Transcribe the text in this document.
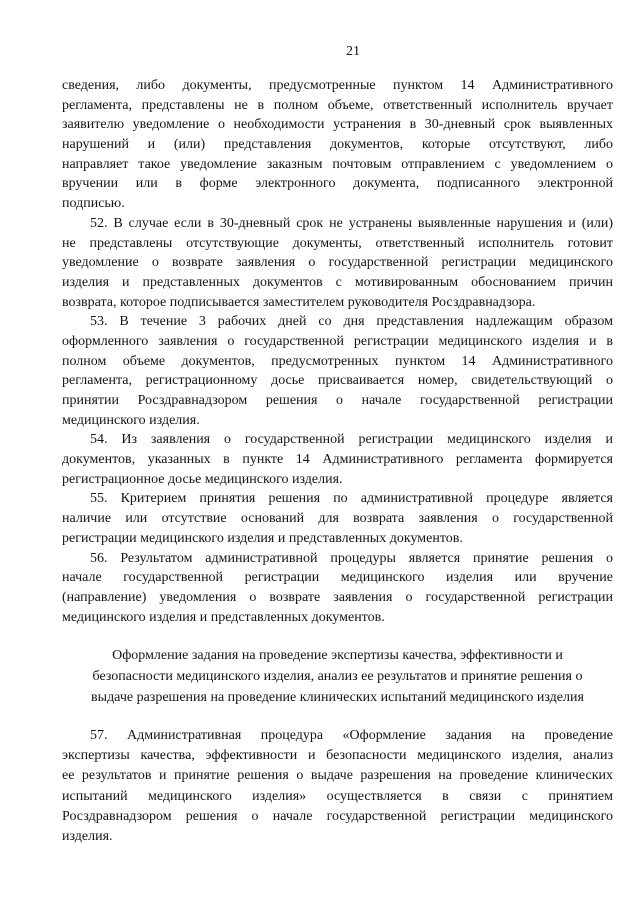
21
сведения, либо документы, предусмотренные пунктом 14 Административного
регламента, представлены не в полном объеме, ответственный исполнитель вручает
заявителю уведомление о необходимости устранения в 30-дневный срок выявленных
нарушений и (или) представления документов, которые отсутствуют, либо
направляет такое уведомление заказным почтовым отправлением с уведомлением о
вручении или в форме электронного документа, подписанного электронной
подписью.
52. В случае если в 30-дневный срок не устранены выявленные нарушения и (или)
не представлены отсутствующие документы, ответственный исполнитель готовит
уведомление о возврате заявления о государственной регистрации медицинского
изделия и представленных документов с мотивированным обоснованием причин
возврата, которое подписывается заместителем руководителя Росздравнадзора.
53. В течение 3 рабочих дней со дня представления надлежащим образом
оформленного заявления о государственной регистрации медицинского изделия и в
полном объеме документов, предусмотренных пунктом 14 Административного
регламента, регистрационному досье присваивается номер, свидетельствующий о
принятии Росздравнадзором решения о начале государственной регистрации
медицинского изделия.
54. Из заявления о государственной регистрации медицинского изделия и
документов, указанных в пункте 14 Административного регламента формируется
регистрационное досье медицинского изделия.
55. Критерием принятия решения по административной процедуре является
наличие или отсутствие оснований для возврата заявления о государственной
регистрации медицинского изделия и представленных документов.
56. Результатом административной процедуры является принятие решения о
начале государственной регистрации медицинского изделия или вручение
(направление) уведомления о возврате заявления о государственной регистрации
медицинского изделия и представленных документов.
Оформление задания на проведение экспертизы качества, эффективности и
безопасности медицинского изделия, анализ ее результатов и принятие решения о
выдаче разрешения на проведение клинических испытаний медицинского изделия
57. Административная процедура «Оформление задания на проведение
экспертизы качества, эффективности и безопасности медицинского изделия, анализ
ее результатов и принятие решения о выдаче разрешения на проведение клинических
испытаний медицинского изделия» осуществляется в связи с принятием
Росздравнадзором решения о начале государственной регистрации медицинского
изделия.
